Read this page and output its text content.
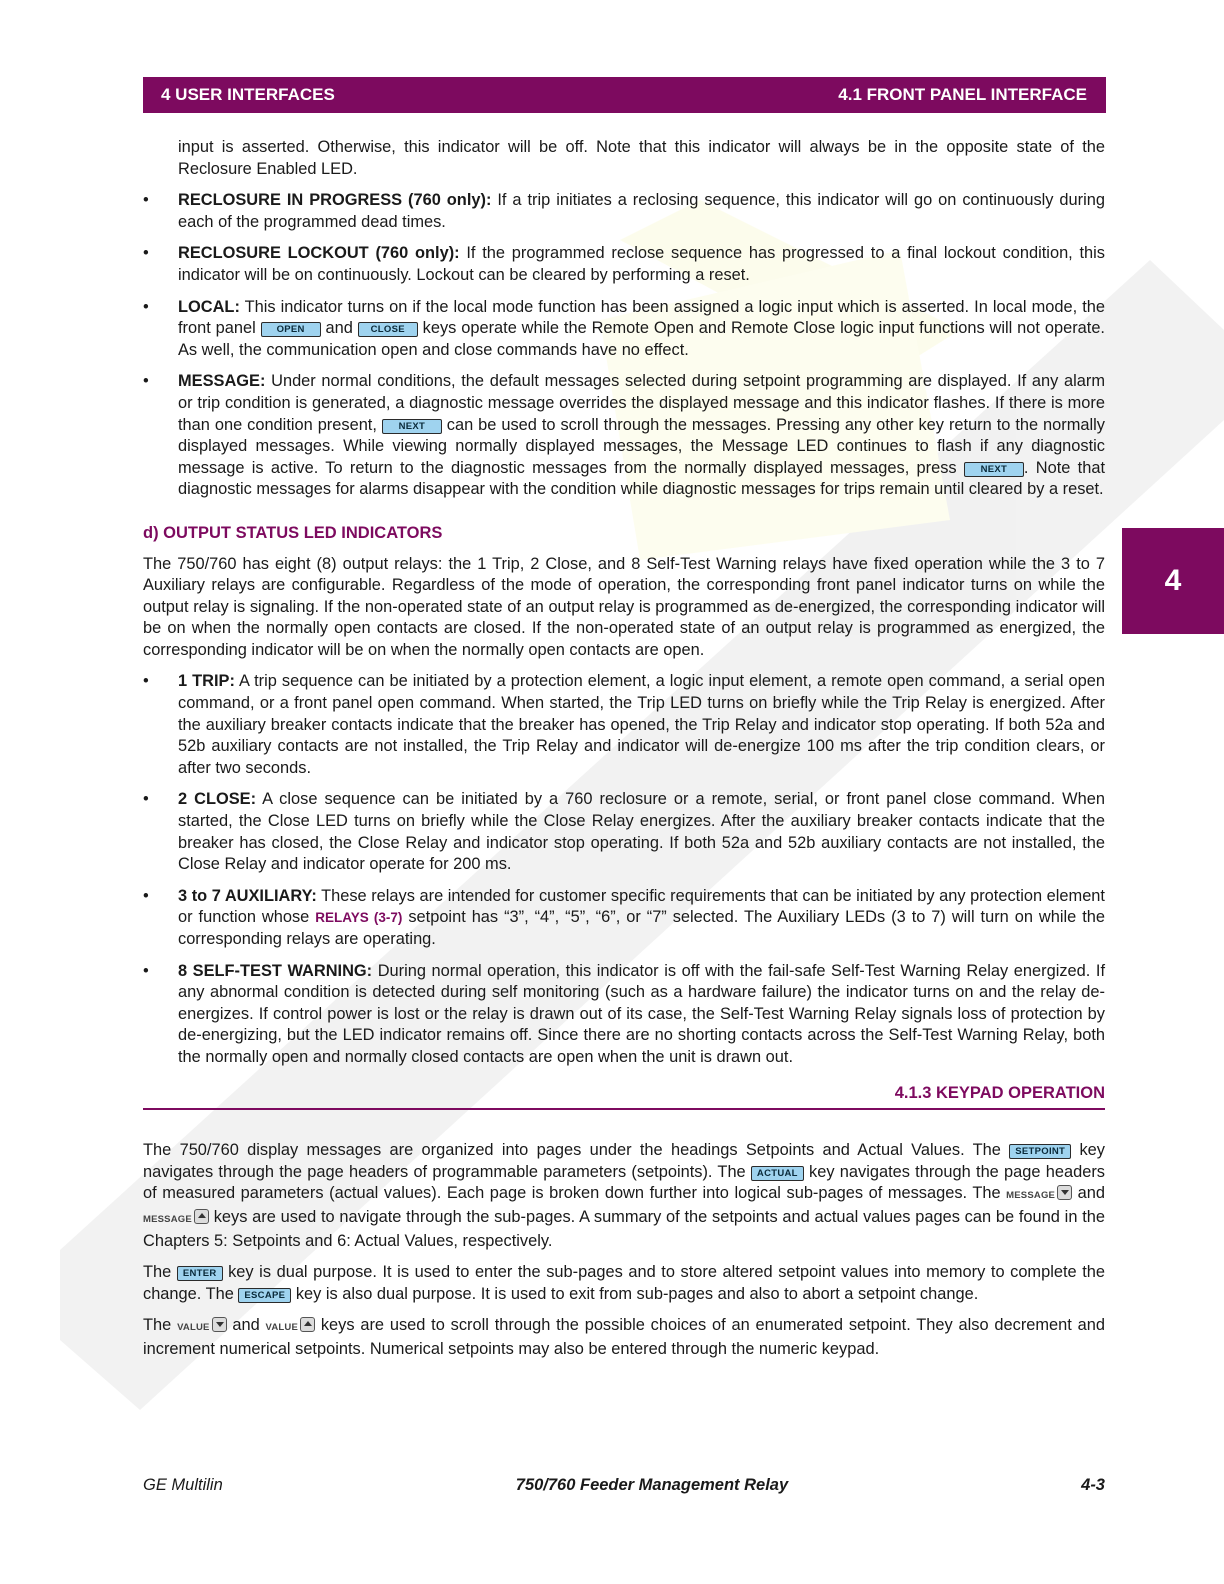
4 USER INTERFACES	4.1 FRONT PANEL INTERFACE
4

input is asserted. Otherwise, this indicator will be off. Note that this indicator will always be in the opposite state of the Reclosure Enabled LED.

• RECLOSURE IN PROGRESS (760 only): If a trip initiates a reclosing sequence, this indicator will go on continuously during each of the programmed dead times.
• RECLOSURE LOCKOUT (760 only): If the programmed reclose sequence has progressed to a final lockout condition, this indicator will be on continuously. Lockout can be cleared by performing a reset.
• LOCAL: This indicator turns on if the local mode function has been assigned a logic input which is asserted. In local mode, the front panel OPEN and CLOSE keys operate while the Remote Open and Remote Close logic input functions will not operate. As well, the communication open and close commands have no effect.
• MESSAGE: Under normal conditions, the default messages selected during setpoint programming are displayed. If any alarm or trip condition is generated, a diagnostic message overrides the displayed message and this indicator flashes. If there is more than one condition present, NEXT can be used to scroll through the messages. Pressing any other key return to the normally displayed messages. While viewing normally displayed messages, the Message LED continues to flash if any diagnostic message is active. To return to the diagnostic messages from the normally displayed messages, press NEXT . Note that diagnostic messages for alarms disappear with the condition while diagnostic messages for trips remain until cleared by a reset.
d) OUTPUT STATUS LED INDICATORS

The 750/760 has eight (8) output relays: the 1 Trip, 2 Close, and 8 Self-Test Warning relays have fixed operation while the 3 to 7 Auxiliary relays are configurable. Regardless of the mode of operation, the corresponding front panel indicator turns on while the output relay is signaling. If the non-operated state of an output relay is programmed as de-energized, the corresponding indicator will be on when the normally open contacts are closed. If the non-operated state of an output relay is programmed as energized, the corresponding indicator will be on when the normally open contacts are open.

• 1 TRIP: A trip sequence can be initiated by a protection element, a logic input element, a remote open command, a serial open command, or a front panel open command. When started, the Trip LED turns on briefly while the Trip Relay is energized. After the auxiliary breaker contacts indicate that the breaker has opened, the Trip Relay and indicator stop operating. If both 52a and 52b auxiliary contacts are not installed, the Trip Relay and indicator will de-energize 100 ms after the trip condition clears, or after two seconds.
• 2 CLOSE: A close sequence can be initiated by a 760 reclosure or a remote, serial, or front panel close command. When started, the Close LED turns on briefly while the Close Relay energizes. After the auxiliary breaker contacts indicate that the breaker has closed, the Close Relay and indicator stop operating. If both 52a and 52b auxiliary contacts are not installed, the Close Relay and indicator operate for 200 ms.
• 3 to 7 AUXILIARY: These relays are intended for customer specific requirements that can be initiated by any protection element or function whose RELAYS (3-7) setpoint has “3”, “4”, “5”, “6”, or “7” selected. The Auxiliary LEDs (3 to 7) will turn on while the corresponding relays are operating.
• 8 SELF-TEST WARNING: During normal operation, this indicator is off with the fail-safe Self-Test Warning Relay energized. If any abnormal condition is detected during self monitoring (such as a hardware failure) the indicator turns on and the relay de-energizes. If control power is lost or the relay is drawn out of its case, the Self-Test Warning Relay signals loss of protection by de-energizing, but the LED indicator remains off. Since there are no shorting contacts across the Self-Test Warning Relay, both the normally open and normally closed contacts are open when the unit is drawn out.
4.1.3 KEYPAD OPERATION

The 750/760 display messages are organized into pages under the headings Setpoints and Actual Values. The SETPOINT key navigates through the page headers of programmable parameters (setpoints). The ACTUAL key navigates through the page headers of measured parameters (actual values). Each page is broken down further into logical sub-pages of messages. The MESSAGE and MESSAGE keys are used to navigate through the sub-pages. A summary of the setpoints and actual values pages can be found in the Chapters 5: Setpoints and 6: Actual Values, respectively.

The ENTER key is dual purpose. It is used to enter the sub-pages and to store altered setpoint values into memory to complete the change. The ESCAPE key is also dual purpose. It is used to exit from sub-pages and also to abort a setpoint change.

The VALUE and VALUE keys are used to scroll through the possible choices of an enumerated setpoint. They also decrement and increment numerical setpoints. Numerical setpoints may also be entered through the numeric keypad.

GE Multilin	750/760 Feeder Management Relay	4-3
